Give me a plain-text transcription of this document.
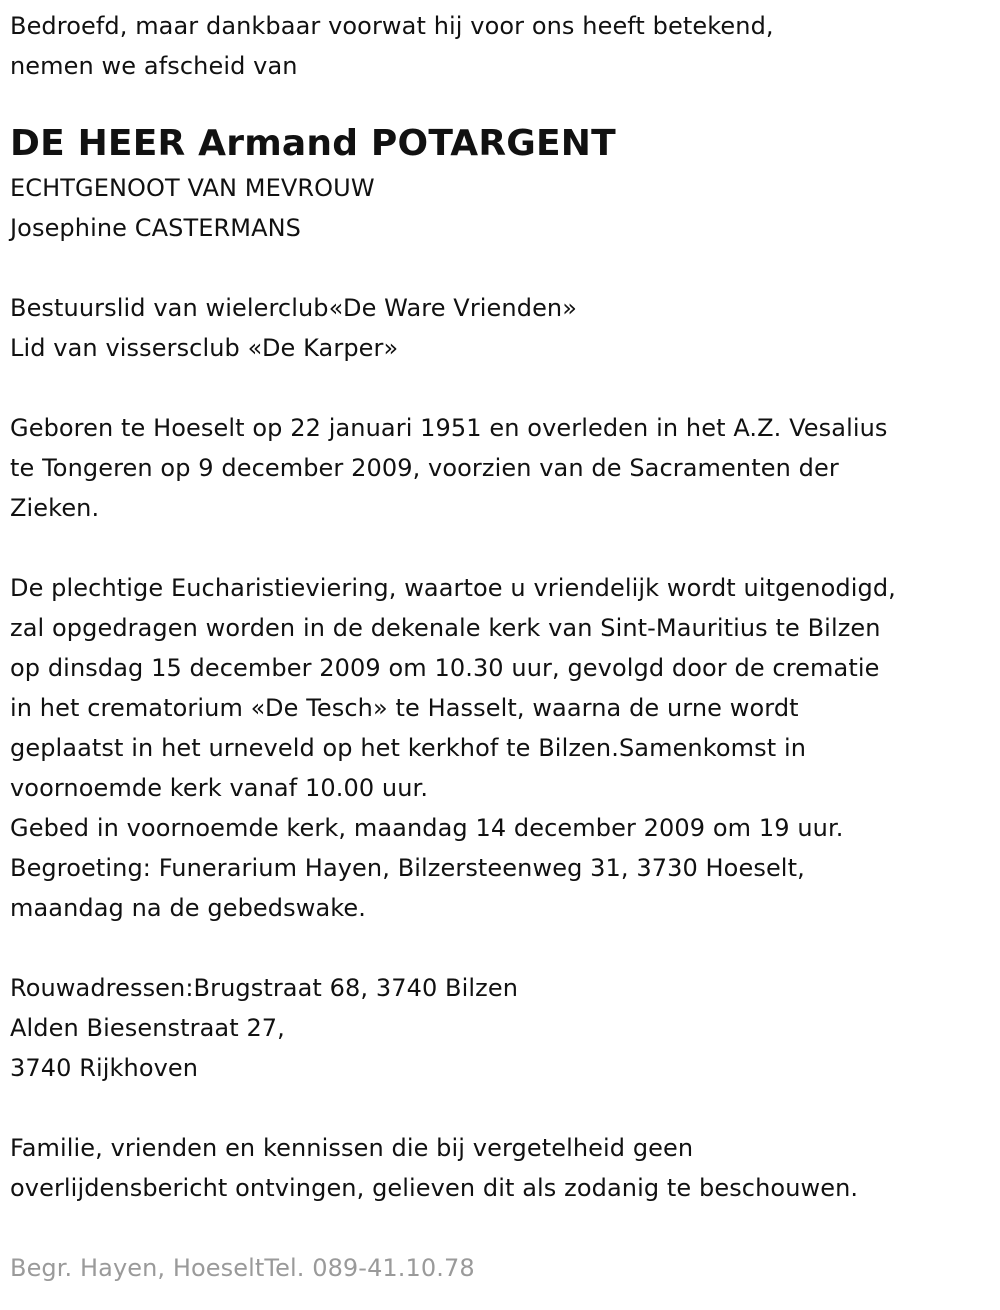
Bedroefd, maar dankbaar voorwat hij voor ons heeft betekend,
nemen we afscheid van
DE HEER Armand POTARGENT
ECHTGENOOT VAN MEVROUW
Josephine CASTERMANS
Bestuurslid van wielerclub«De Ware Vrienden»
Lid van vissersclub «De Karper»
Geboren te Hoeselt op 22 januari 1951 en overleden in het A.Z. Vesalius
te Tongeren op 9 december 2009, voorzien van de Sacramenten der
Zieken.
De plechtige Eucharistieviering, waartoe u vriendelijk wordt uitgenodigd,
zal opgedragen worden in de dekenale kerk van Sint-Mauritius te Bilzen
op dinsdag 15 december 2009 om 10.30 uur, gevolgd door de crematie
in het crematorium «De Tesch» te Hasselt, waarna de urne wordt
geplaatst in het urneveld op het kerkhof te Bilzen.Samenkomst in
voornoemde kerk vanaf 10.00 uur.
Gebed in voornoemde kerk, maandag 14 december 2009 om 19 uur.
Begroeting: Funerarium Hayen, Bilzersteenweg 31, 3730 Hoeselt,
maandag na de gebedswake.
Rouwadressen:Brugstraat 68, 3740 Bilzen
Alden Biesenstraat 27,
3740 Rijkhoven
Familie, vrienden en kennissen die bij vergetelheid geen
overlijdensbericht ontvingen, gelieven dit als zodanig te beschouwen.
Begr. Hayen, HoeseltTel. 089-41.10.78
